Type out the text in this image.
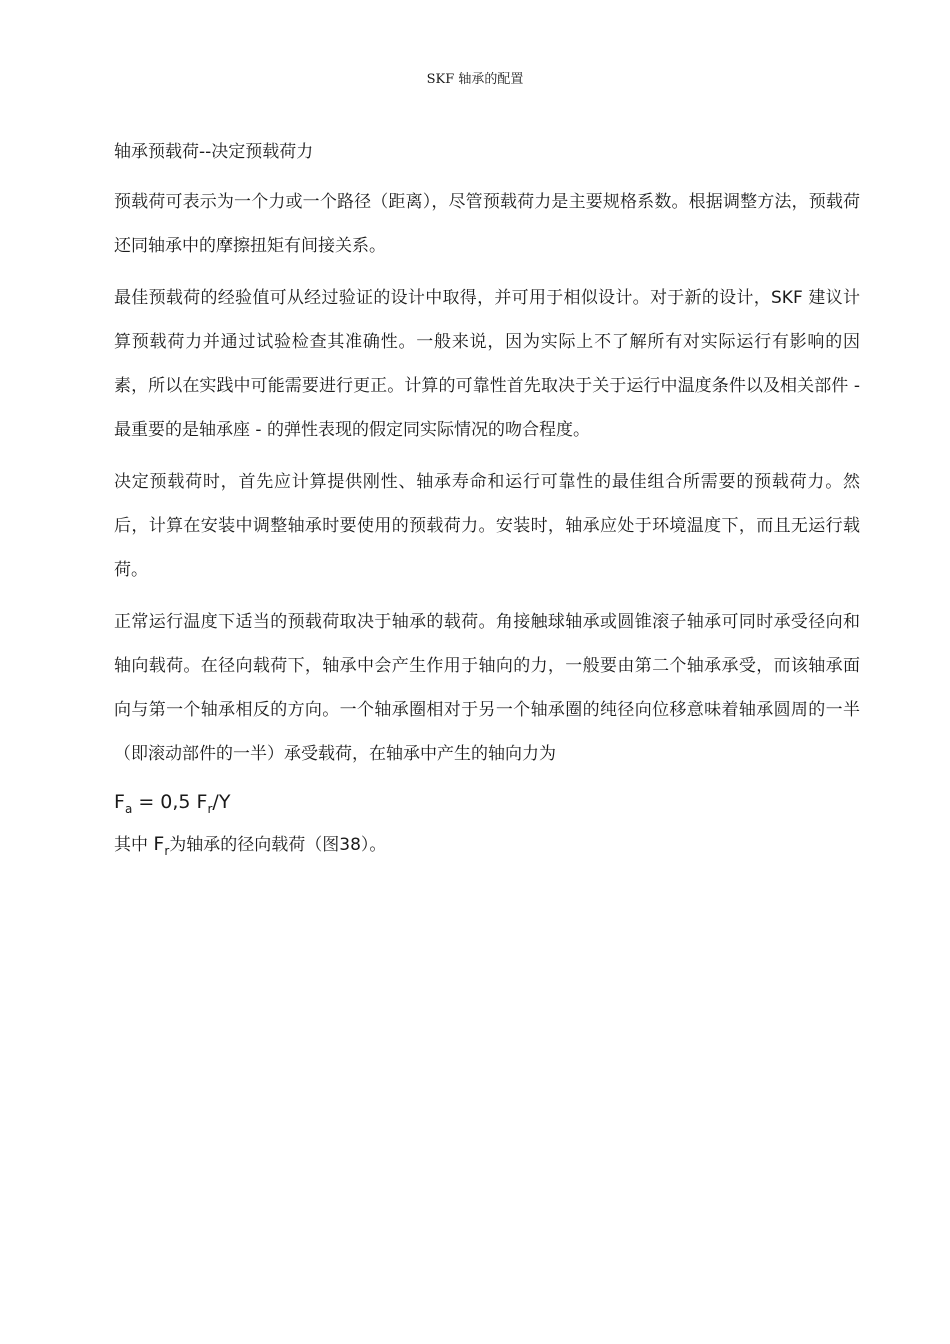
SKF 轴承的配置
轴承预载荷--决定预载荷力

预载荷可表示为一个力或一个路径（距离），尽管预载荷力是主要规格系数。根据调整方法，预载荷还同轴承中的摩擦扭矩有间接关系。

最佳预载荷的经验值可从经过验证的设计中取得，并可用于相似设计。对于新的设计，SKF 建议计算预载荷力并通过试验检查其准确性。一般来说，因为实际上不了解所有对实际运行有影响的因素，所以在实践中可能需要进行更正。计算的可靠性首先取决于关于运行中温度条件以及相关部件 - 最重要的是轴承座 - 的弹性表现的假定同实际情况的吻合程度。

决定预载荷时，首先应计算提供刚性、轴承寿命和运行可靠性的最佳组合所需要的预载荷力。然后，计算在安装中调整轴承时要使用的预载荷力。安装时，轴承应处于环境温度下，而且无运行载荷。

正常运行温度下适当的预载荷取决于轴承的载荷。角接触球轴承或圆锥滚子轴承可同时承受径向和轴向载荷。在径向载荷下，轴承中会产生作用于轴向的力，一般要由第二个轴承承受，而该轴承面向与第一个轴承相反的方向。一个轴承圈相对于另一个轴承圈的纯径向位移意味着轴承圆周的一半（即滚动部件的一半）承受载荷，在轴承中产生的轴向力为

$F_a = 0,5$ $F_r/Y$

其中 $F_r$为轴承的径向载荷（图38）。
